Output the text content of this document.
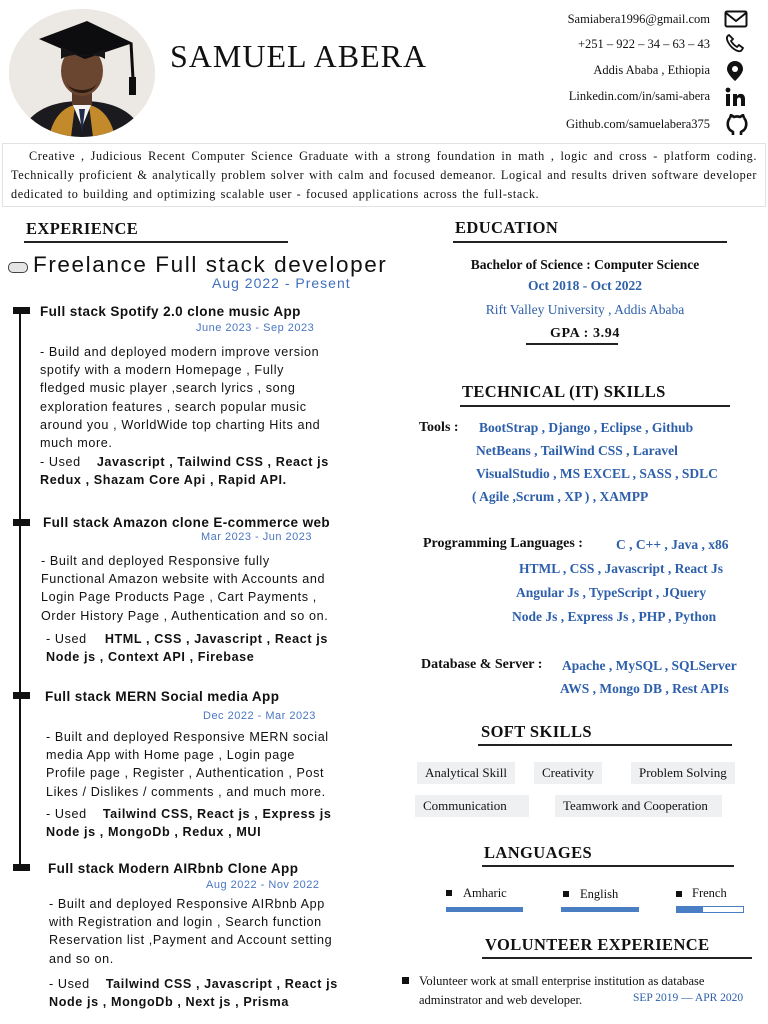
SAMUEL ABERA
Samiabera1996@gmail.com
+251 – 922 – 34 – 63 – 43
Addis Ababa , Ethiopia
Linkedin.com/in/sami-abera
Github.com/samuelabera375
Creative , Judicious Recent Computer Science Graduate with a strong foundation in math , logic and cross - platform coding. Technically proficient & analytically problem solver with calm and focused demeanor. Logical and results driven software developer dedicated to building and optimizing scalable user - focused applications across the full-stack.
EXPERIENCE
Freelance Full stack developer
Aug 2022 - Present
Full stack Spotify 2.0 clone music App
June 2023 - Sep 2023
- Build and deployed modern improve version spotify with a modern Homepage , Fully fledged music player ,search lyrics , song exploration features , search popular music around you , WorldWide top charting Hits and much more.
- Used Javascript , Tailwind CSS , React js Redux , Shazam Core Api , Rapid API.
Full stack Amazon clone E-commerce web
Mar 2023 - Jun 2023
- Built and deployed Responsive fully Functional Amazon website with Accounts and Login Page Products Page , Cart Payments , Order History Page , Authentication and so on.
- Used HTML , CSS , Javascript , React js Node js , Context API , Firebase
Full stack MERN Social media App
Dec 2022 - Mar 2023
- Built and deployed Responsive MERN social media App with Home page , Login page Profile page , Register , Authentication , Post Likes / Dislikes / comments , and much more.
- Used Tailwind CSS, React js , Express js Node js , MongoDb , Redux , MUI
Full stack Modern AIRbnb Clone App
Aug 2022 - Nov 2022
- Built and deployed Responsive AIRbnb App with Registration and login , Search function Reservation list ,Payment and Account setting and so on.
- Used Tailwind CSS , Javascript , React js Node js , MongoDb , Next js , Prisma
EDUCATION
Bachelor of Science : Computer Science
Oct 2018 - Oct 2022
Rift Valley University , Addis Ababa
GPA : 3.94
TECHNICAL (IT) SKILLS
Tools : BootStrap , Django , Eclipse , Github
NetBeans , TailWind CSS , Laravel
VisualStudio , MS EXCEL , SASS , SDLC
( Agile ,Scrum , XP ) , XAMPP
Programming Languages : C , C++ , Java , x86
HTML , CSS , Javascript , React Js
Angular Js , TypeScript , JQuery
Node Js , Express Js , PHP , Python
Database & Server : Apache , MySQL , SQLServer
AWS , Mongo DB , Rest APIs
SOFT SKILLS
Analytical Skill	Creativity	Problem Solving
Communication	Teamwork and Cooperation
LANGUAGES
Amharic	English	French
VOLUNTEER EXPERIENCE
Volunteer work at small enterprise institution as database adminstrator and web developer.	SEP 2019 — APR 2020
